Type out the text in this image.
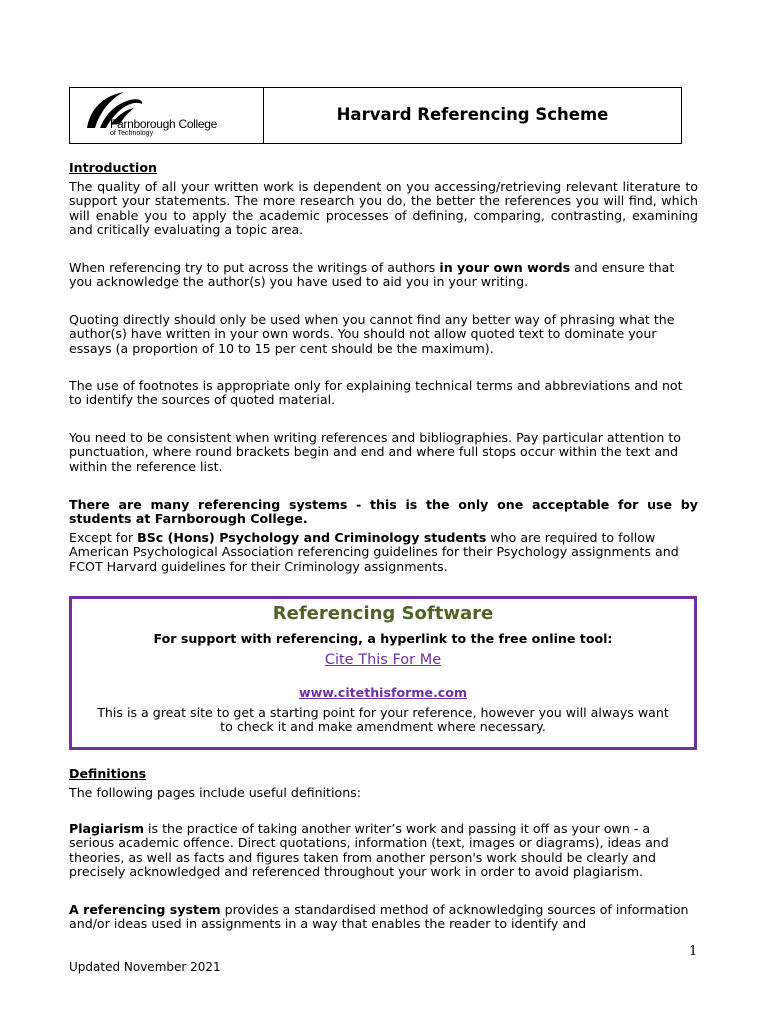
Farnborough College
of Technology
Harvard Referencing Scheme
Introduction

The quality of all your written work is dependent on you accessing/retrieving relevant literature to support your statements. The more research you do, the better the references you will find, which will enable you to apply the academic processes of defining, comparing, contrasting, examining and critically evaluating a topic area.

When referencing try to put across the writings of authors in your own words and ensure that you acknowledge the author(s) you have used to aid you in your writing.

Quoting directly should only be used when you cannot find any better way of phrasing what the author(s) have written in your own words. You should not allow quoted text to dominate your essays (a proportion of 10 to 15 per cent should be the maximum).

The use of footnotes is appropriate only for explaining technical terms and abbreviations and not to identify the sources of quoted material.

You need to be consistent when writing references and bibliographies. Pay particular attention to punctuation, where round brackets begin and end and where full stops occur within the text and within the reference list.

There are many referencing systems - this is the only one acceptable for use by students at Farnborough College.

Except for BSc (Hons) Psychology and Criminology students who are required to follow American Psychological Association referencing guidelines for their Psychology assignments and FCOT Harvard guidelines for their Criminology assignments.

Referencing Software

For support with referencing, a hyperlink to the free online tool:

Cite This For Me

www.citethisforme.com

This is a great site to get a starting point for your reference, however you will always want to check it and make amendment where necessary.

Definitions

The following pages include useful definitions:

Plagiarism is the practice of taking another writer’s work and passing it off as your own - a serious academic offence. Direct quotations, information (text, images or diagrams), ideas and theories, as well as facts and figures taken from another person's work should be clearly and precisely acknowledged and referenced throughout your work in order to avoid plagiarism.

A referencing system provides a standardised method of acknowledging sources of information and/or ideas used in assignments in a way that enables the reader to identify and

1
Updated November 2021
